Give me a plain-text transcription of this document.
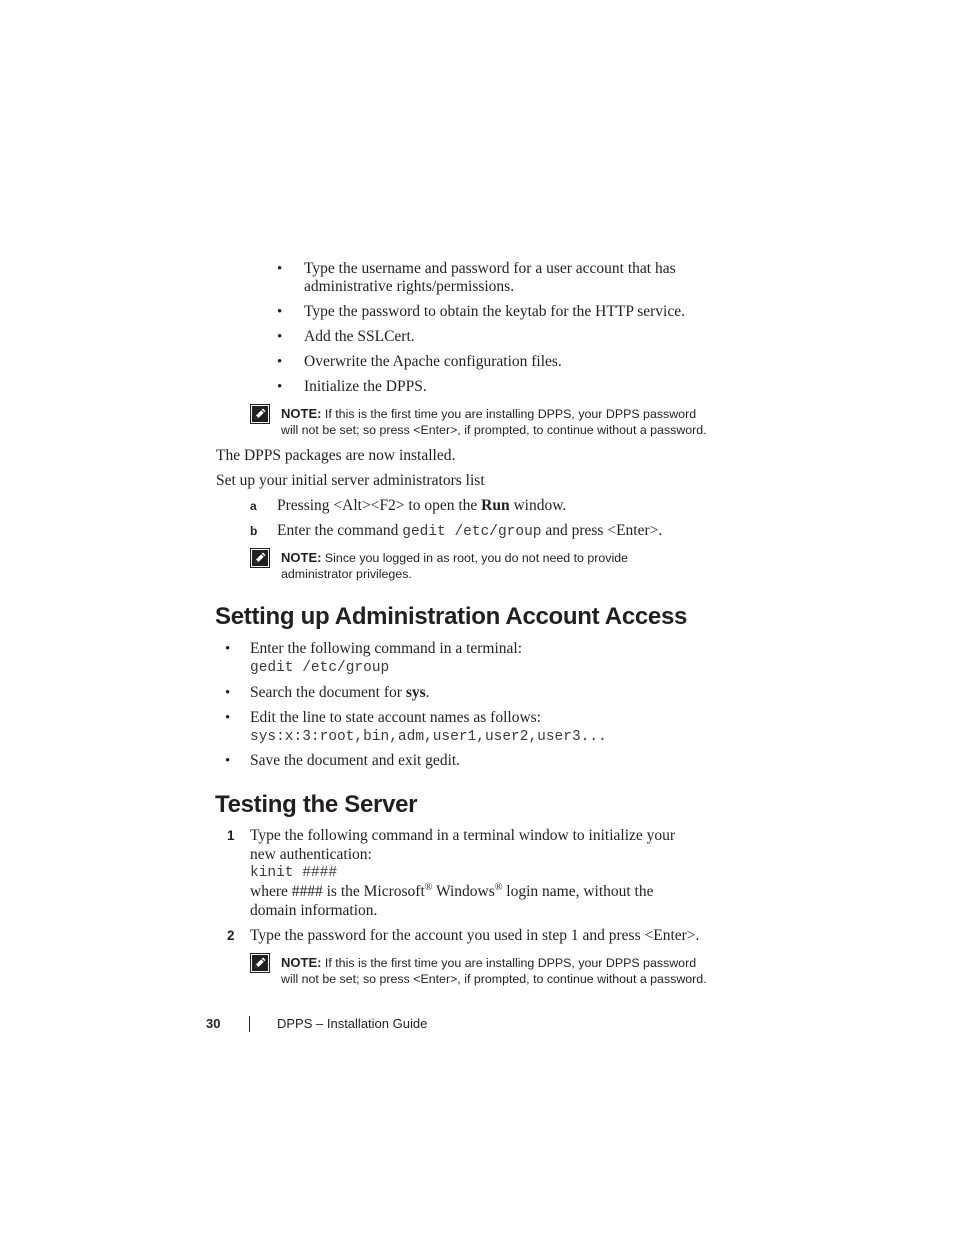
• Type the username and password for a user account that has
administrative rights/permissions.
• Type the password to obtain the keytab for the HTTP service.
• Add the SSLCert.
• Overwrite the Apache configuration files.
• Initialize the DPPS.
NOTE: If this is the first time you are installing DPPS, your DPPS password
will not be set; so press <Enter>, if prompted, to continue without a password.
The DPPS packages are now installed.
Set up your initial server administrators list
a Pressing <Alt><F2> to open the Run window.
b Enter the command gedit /etc/group and press <Enter>.
NOTE: Since you logged in as root, you do not need to provide
administrator privileges.
Setting up Administration Account Access
• Enter the following command in a terminal:
gedit /etc/group
• Search the document for sys.
• Edit the line to state account names as follows:
sys:x:3:root,bin,adm,user1,user2,user3...
• Save the document and exit gedit.
Testing the Server
1 Type the following command in a terminal window to initialize your
new authentication:
kinit ####
where #### is the Microsoft® Windows® login name, without the
domain information.
2 Type the password for the account you used in step 1 and press <Enter>.
NOTE: If this is the first time you are installing DPPS, your DPPS password
will not be set; so press <Enter>, if prompted, to continue without a password.
30	DPPS – Installation Guide
